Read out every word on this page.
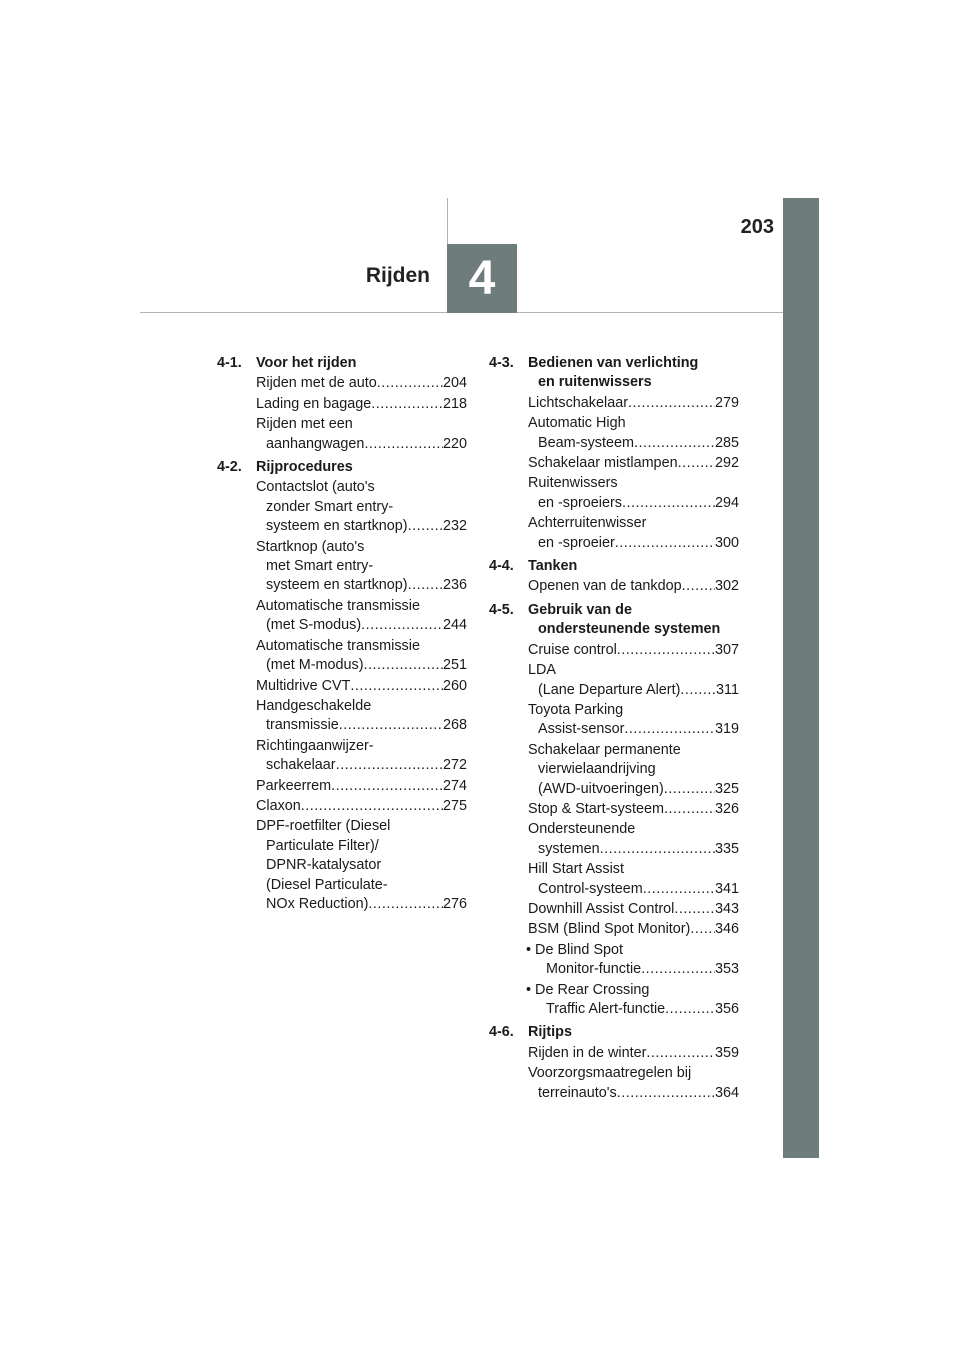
203
Rijden 4
4-1. Voor het rijden
Rijden met de auto .....	204
Lading en bagage .....	218
Rijden met een
aanhangwagen .....	220
4-2. Rijprocedures
Contactslot (auto's
zonder Smart entry-
systeem en startknop) ..... 232
Startknop (auto's
met Smart entry-
systeem en startknop) ..... 236
Automatische transmissie
(met S-modus) .....	244
Automatische transmissie
(met M-modus) .....	251
Multidrive CVT .....	260
Handgeschakelde
transmissie .....	268
Richtingaanwijzer-
schakelaar .....	272
Parkeerrem .....	274
Claxon .....	275
DPF-roetfilter (Diesel
Particulate Filter)/
DPNR-katalysator
(Diesel Particulate-
NOx Reduction) .....	276
4-3. Bedienen van verlichting
en ruitenwissers
Lichtschakelaar .....	279
Automatic High
Beam-systeem .....	285
Schakelaar mistlampen .....	292
Ruitenwissers
en -sproeiers .....	294
Achterruitenwisser
en -sproeier .....	300
4-4. Tanken
Openen van de tankdop ..... 302
4-5. Gebruik van de
ondersteunende systemen
Cruise control .....	307
LDA
(Lane Departure Alert) ..... 311
Toyota Parking
Assist-sensor .....	319
Schakelaar permanente
vierwielaandrijving
(AWD-uitvoeringen) .....	325
Stop & Start-systeem .....	326
Ondersteunende
systemen .....	335
Hill Start Assist
Control-systeem .....	341
Downhill Assist Control .....	343
BSM (Blind Spot Monitor) ..... 346
• De Blind Spot
Monitor-functie .....	353
• De Rear Crossing
Traffic Alert-functie .....	356
4-6. Rijtips
Rijden in de winter .....	359
Voorzorgsmaatregelen bij
terreinauto's .....	364
